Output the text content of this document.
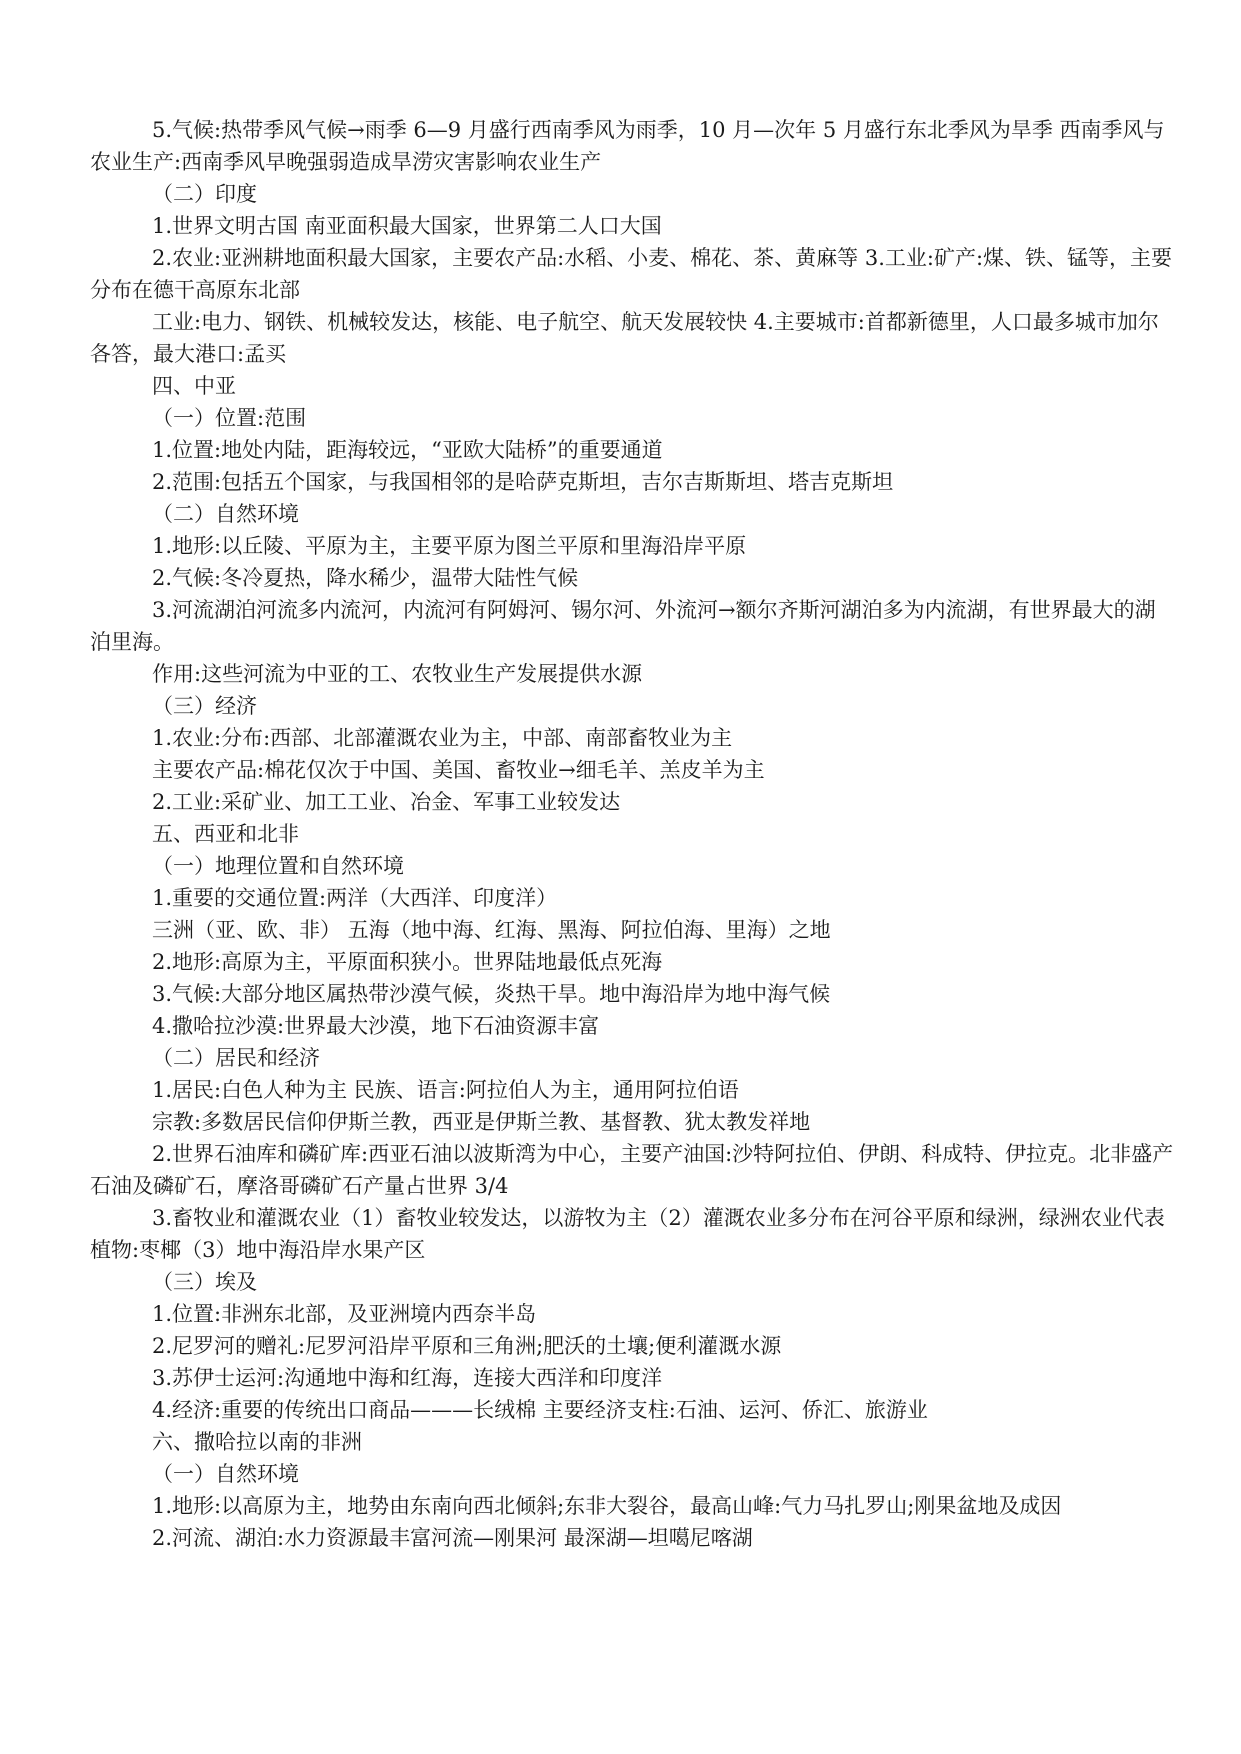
5.气候:热带季风气候→雨季 6—9 月盛行西南季风为雨季，10 月—次年 5 月盛行东北季风为旱季 西南季风与农业生产:西南季风早晚强弱造成旱涝灾害影响农业生产

（二）印度

1.世界文明古国 南亚面积最大国家，世界第二人口大国

2.农业:亚洲耕地面积最大国家，主要农产品:水稻、小麦、棉花、茶、黄麻等 3.工业:矿产:煤、铁、锰等，主要分布在德干高原东北部

工业:电力、钢铁、机械较发达，核能、电子航空、航天发展较快 4.主要城市:首都新德里，人口最多城市加尔各答，最大港口:孟买

四、中亚

（一）位置:范围

1.位置:地处内陆，距海较远，“亚欧大陆桥”的重要通道

2.范围:包括五个国家，与我国相邻的是哈萨克斯坦，吉尔吉斯斯坦、塔吉克斯坦

（二）自然环境

1.地形:以丘陵、平原为主，主要平原为图兰平原和里海沿岸平原

2.气候:冬冷夏热，降水稀少，温带大陆性气候

3.河流湖泊河流多内流河，内流河有阿姆河、锡尔河、外流河→额尔齐斯河湖泊多为内流湖，有世界最大的湖泊里海。

作用:这些河流为中亚的工、农牧业生产发展提供水源

（三）经济

1.农业:分布:西部、北部灌溉农业为主，中部、南部畜牧业为主

主要农产品:棉花仅次于中国、美国、畜牧业→细毛羊、羔皮羊为主

2.工业:采矿业、加工工业、冶金、军事工业较发达

五、西亚和北非

（一）地理位置和自然环境

1.重要的交通位置:两洋（大西洋、印度洋）

三洲（亚、欧、非） 五海（地中海、红海、黑海、阿拉伯海、里海）之地

2.地形:高原为主，平原面积狭小。世界陆地最低点死海

3.气候:大部分地区属热带沙漠气候，炎热干旱。地中海沿岸为地中海气候

4.撒哈拉沙漠:世界最大沙漠，地下石油资源丰富

（二）居民和经济

1.居民:白色人种为主 民族、语言:阿拉伯人为主，通用阿拉伯语

宗教:多数居民信仰伊斯兰教，西亚是伊斯兰教、基督教、犹太教发祥地

2.世界石油库和磷矿库:西亚石油以波斯湾为中心，主要产油国:沙特阿拉伯、伊朗、科成特、伊拉克。北非盛产石油及磷矿石，摩洛哥磷矿石产量占世界 3/4

3.畜牧业和灌溉农业（1）畜牧业较发达，以游牧为主（2）灌溉农业多分布在河谷平原和绿洲，绿洲农业代表植物:枣椰（3）地中海沿岸水果产区

（三）埃及

1.位置:非洲东北部，及亚洲境内西奈半岛

2.尼罗河的赠礼:尼罗河沿岸平原和三角洲;肥沃的土壤;便利灌溉水源

3.苏伊士运河:沟通地中海和红海，连接大西洋和印度洋

4.经济:重要的传统出口商品———长绒棉 主要经济支柱:石油、运河、侨汇、旅游业

六、撒哈拉以南的非洲

（一）自然环境

1.地形:以高原为主，地势由东南向西北倾斜;东非大裂谷，最高山峰:气力马扎罗山;刚果盆地及成因

2.河流、湖泊:水力资源最丰富河流—刚果河 最深湖—坦噶尼喀湖
